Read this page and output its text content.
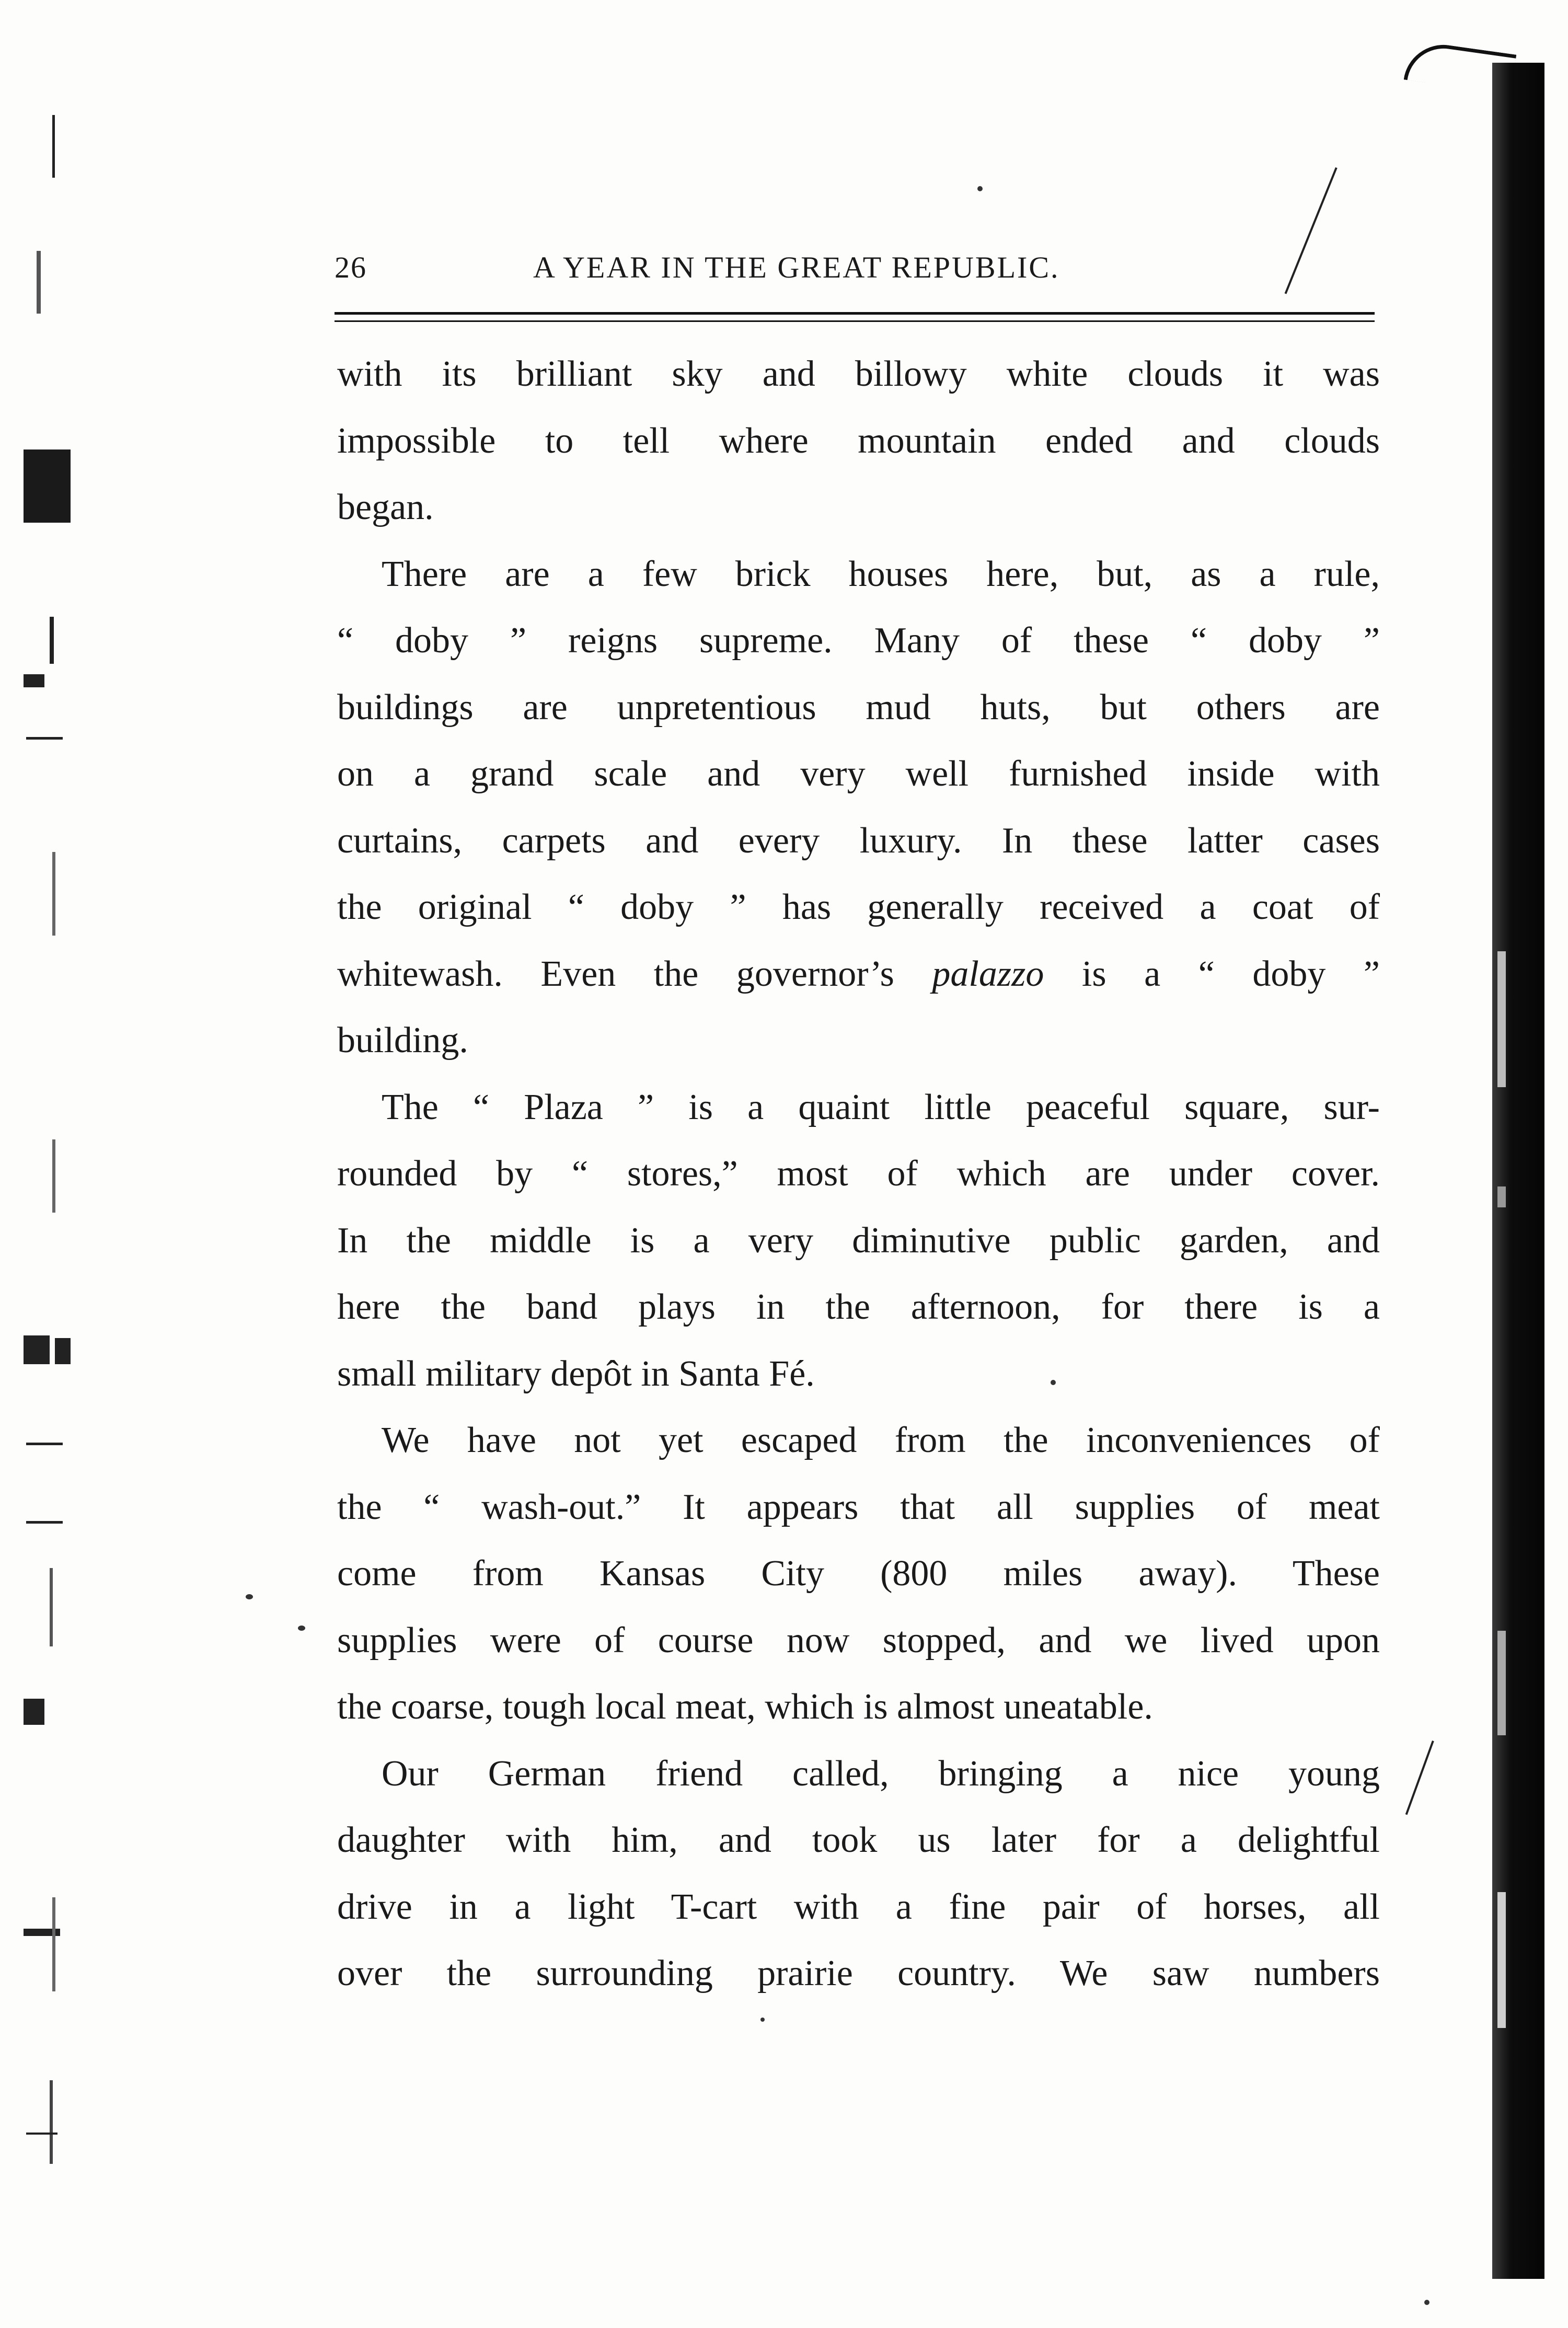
26	A YEAR IN THE GREAT REPUBLIC.
with its brilliant sky and billowy white clouds it was
impossible to tell where mountain ended and clouds
began.
There are a few brick houses here, but, as a rule,
“ doby ” reigns supreme. Many of these “ doby ”
buildings are unpretentious mud huts, but others are
on a grand scale and very well furnished inside with
curtains, carpets and every luxury. In these latter cases
the original “ doby ” has generally received a coat of
whitewash. Even the governor’s palazzo is a “ doby ”
building.
The “ Plaza ” is a quaint little peaceful square, sur-
rounded by “ stores,” most of which are under cover.
In the middle is a very diminutive public garden, and
here the band plays in the afternoon, for there is a
small military depôt in Santa Fé.
We have not yet escaped from the inconveniences of
the “ wash-out.” It appears that all supplies of meat
come from Kansas City (800 miles away). These
supplies were of course now stopped, and we lived upon
the coarse, tough local meat, which is almost uneatable.
Our German friend called, bringing a nice young
daughter with him, and took us later for a delightful
drive in a light T-cart with a fine pair of horses, all
over the surrounding prairie country. We saw numbers
